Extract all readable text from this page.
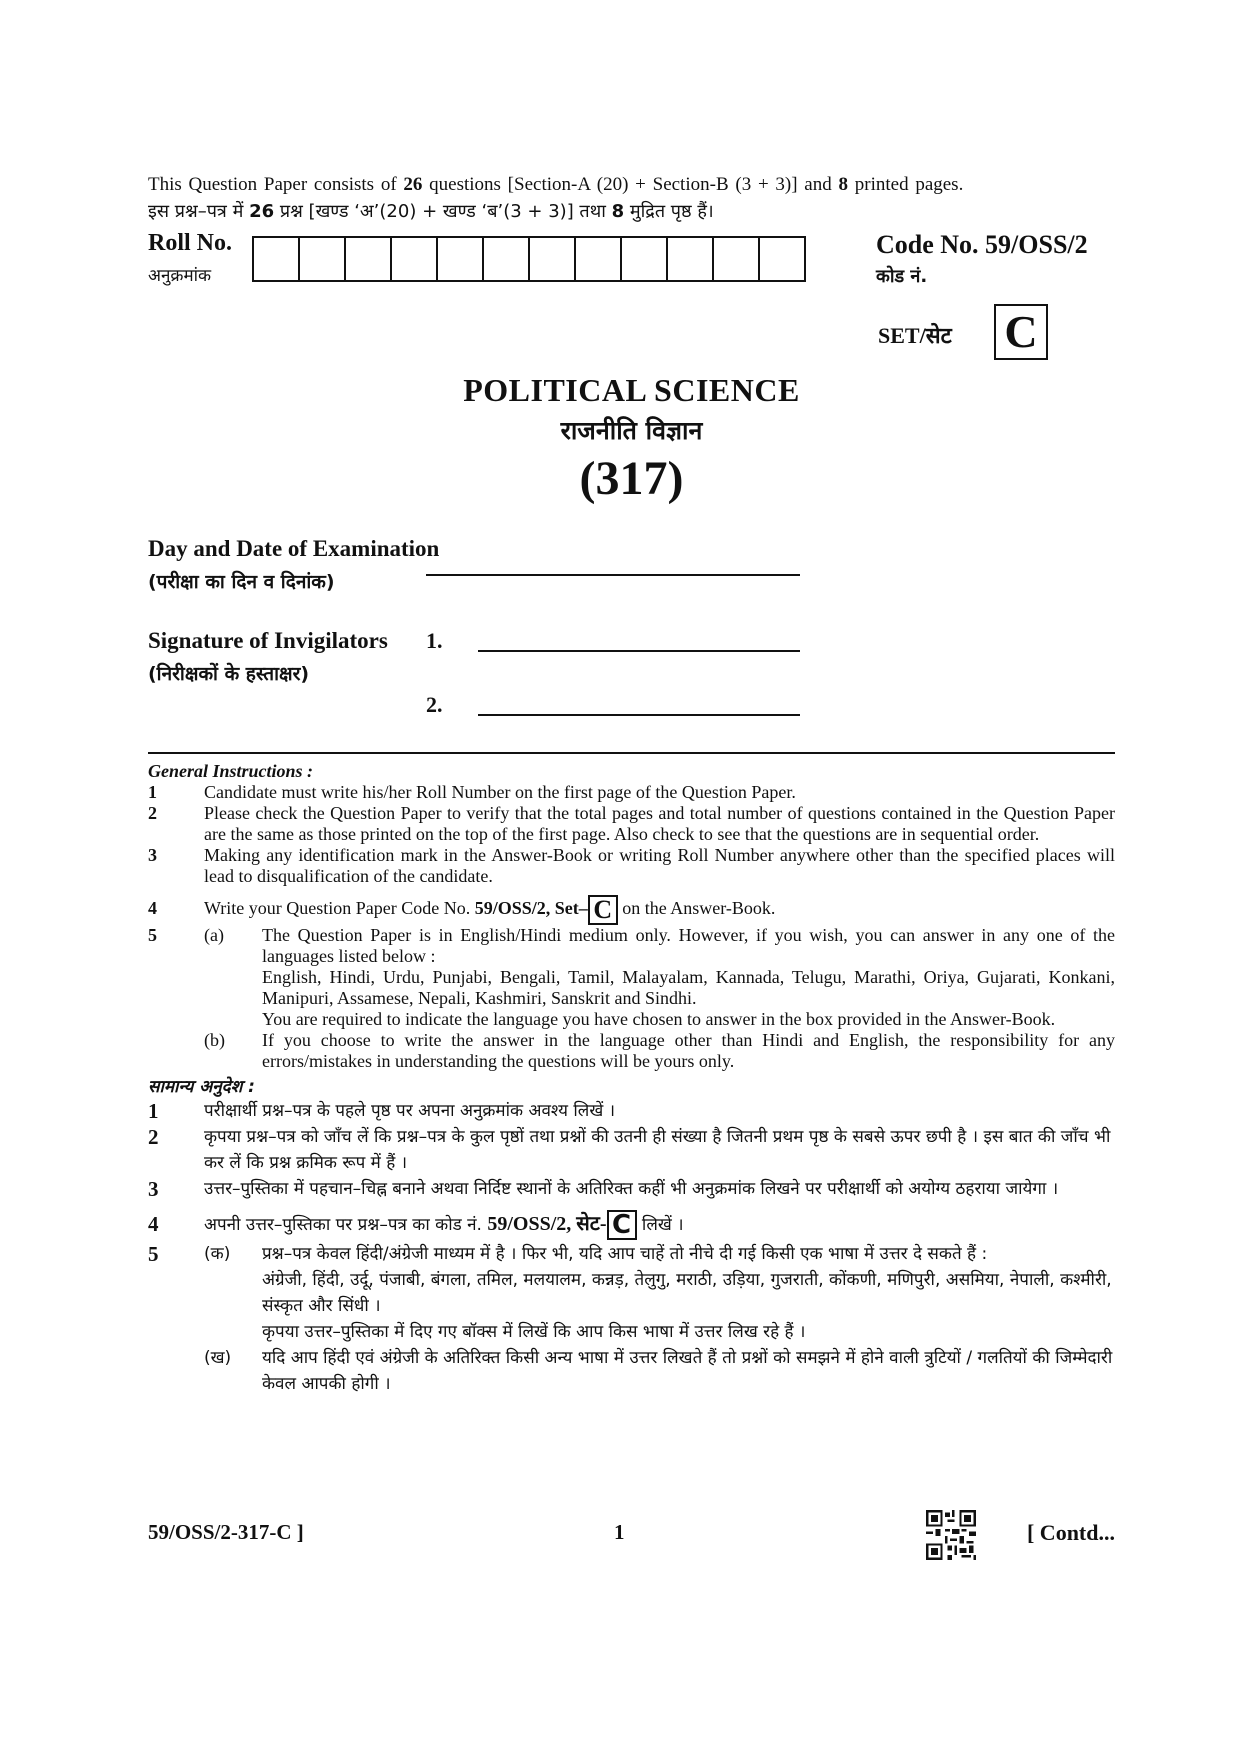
This Question Paper consists of 26 questions [Section-A (20) + Section-B (3 + 3)] and 8 printed pages.
इस प्रश्न–पत्र में 26 प्रश्न [खण्ड ‘अ’(20) + खण्ड ‘ब’(3 + 3)] तथा 8 मुद्रित पृष्ठ हैं।
Roll No.
अनुक्रमांक
Code No. 59/OSS/2
कोड नं.
SET/सेट C
POLITICAL SCIENCE
राजनीति विज्ञान
(317)
Day and Date of Examination
(परीक्षा का दिन व दिनांक)
Signature of Invigilators
(निरीक्षकों के हस्ताक्षर)
1.
2.
General Instructions :
1	Candidate must write his/her Roll Number on the first page of the Question Paper.
2	Please check the Question Paper to verify that the total pages and total number of questions contained in the Question Paper are the same as those printed on the top of the first page. Also check to see that the questions are in sequential order.
3	Making any identification mark in the Answer-Book or writing Roll Number anywhere other than the specified places will lead to disqualification of the candidate.
4	Write your Question Paper Code No. 59/OSS/2, Set– C on the Answer-Book.
5	(a) The Question Paper is in English/Hindi medium only. However, if you wish, you can answer in any one of the languages listed below :
English, Hindi, Urdu, Punjabi, Bengali, Tamil, Malayalam, Kannada, Telugu, Marathi, Oriya, Gujarati, Konkani, Manipuri, Assamese, Nepali, Kashmiri, Sanskrit and Sindhi.
You are required to indicate the language you have chosen to answer in the box provided in the Answer-Book.
(b) If you choose to write the answer in the language other than Hindi and English, the responsibility for any errors/mistakes in understanding the questions will be yours only.
सामान्य अनुदेश :
1	परीक्षार्थी प्रश्न–पत्र के पहले पृष्ठ पर अपना अनुक्रमांक अवश्य लिखें ।
2	कृपया प्रश्न–पत्र को जाँच लें कि प्रश्न–पत्र के कुल पृष्ठों तथा प्रश्नों की उतनी ही संख्या है जितनी प्रथम पृष्ठ के सबसे ऊपर छपी है । इस बात की जाँच भी कर लें कि प्रश्न क्रमिक रूप में हैं ।
3	उत्तर–पुस्तिका में पहचान–चिह्न बनाने अथवा निर्दिष्ट स्थानों के अतिरिक्त कहीं भी अनुक्रमांक लिखने पर परीक्षार्थी को अयोग्य ठहराया जायेगा ।
4	अपनी उत्तर–पुस्तिका पर प्रश्न–पत्र का कोड नं. 59/OSS/2, सेट- C लिखें ।
5	(क) प्रश्न–पत्र केवल हिंदी/अंग्रेजी माध्यम में है । फिर भी, यदि आप चाहें तो नीचे दी गई किसी एक भाषा में उत्तर दे सकते हैं :
अंग्रेजी, हिंदी, उर्दू, पंजाबी, बंगला, तमिल, मलयालम, कन्नड़, तेलुगु, मराठी, उड़िया, गुजराती, कोंकणी, मणिपुरी, असमिया, नेपाली, कश्मीरी, संस्कृत और सिंधी ।
कृपया उत्तर–पुस्तिका में दिए गए बॉक्स में लिखें कि आप किस भाषा में उत्तर लिख रहे हैं ।
(ख) यदि आप हिंदी एवं अंग्रेजी के अतिरिक्त किसी अन्य भाषा में उत्तर लिखते हैं तो प्रश्नों को समझने में होने वाली त्रुटियों / गलतियों की जिम्मेदारी केवल आपकी होगी ।
59/OSS/2-317-C ]	1	[ Contd...
